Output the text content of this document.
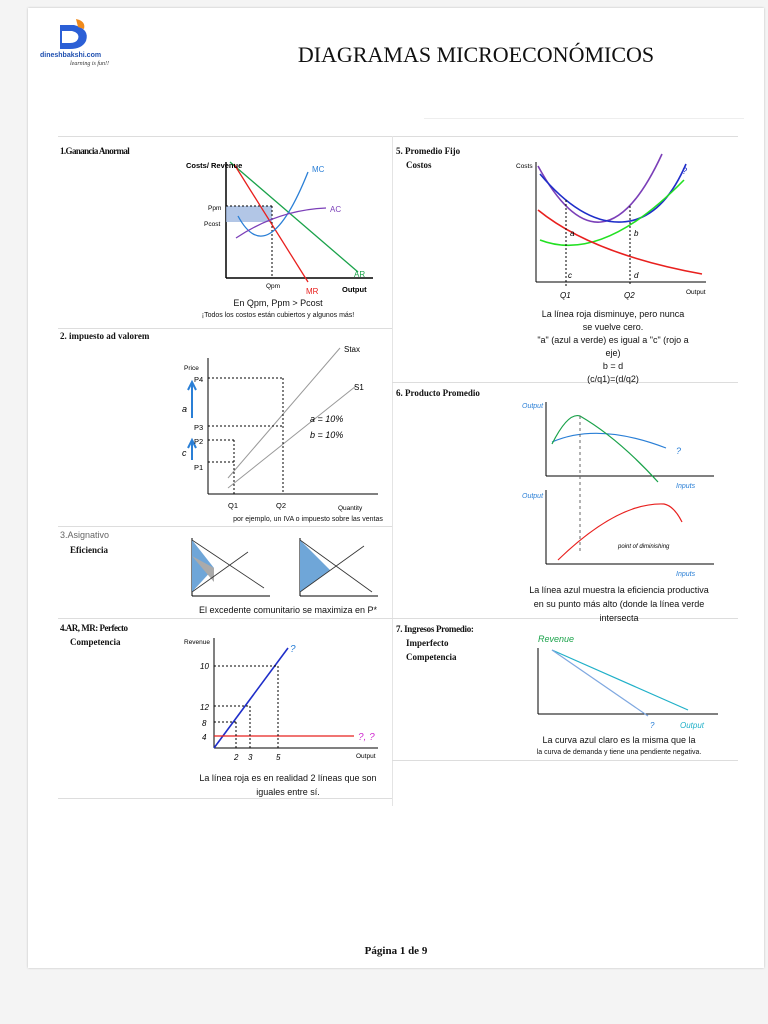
dineshbakshi.com
learning is fun!!	DIAGRAMAS MICROECONÓMICOS
1.Ganancia Anormal
Costs/ Revenue	MC
AC
AR
MR
Ppm
Pcost
Qpm	Output
En Qpm, Ppm > Pcost
¡Todos los costos están cubiertos y algunos más!
2. impuesto ad valorem
Price
Stax
S1
P4
P3
P2
P1
Q1	Q2	Quantity
a
c
a = 10%
b = 10%
por ejemplo, un IVA o impuesto sobre las ventas
3.Asignativo
Eficiencia
El excedente comunitario se maximiza en P*
4.AR, MR: Perfecto
Competencia	Revenue
10
12
8
4
2 3	5	Output
?
?, ?
La línea roja es en realidad 2 líneas que son
iguales entre sí.
5. Promedio Fijo
Costos	Costs
Output
Q1	Q2
a	b
c	d
?
La línea roja disminuye, pero nunca
se vuelve cero.
"a" (azul a verde) es igual a "c" (rojo a
eje)
b = d
(c/q1)=(d/q2)
6. Producto Promedio
Output
Inputs
Output
Inputs
point of diminishing
?
La línea azul muestra la eficiencia productiva
en su punto más alto (donde la línea verde
intersecta
7. Ingresos Promedio:
Imperfecto
Competencia
Revenue
Output
?
La curva azul claro es la misma que la
la curva de demanda y tiene una pendiente negativa.
Página 1 de 9
